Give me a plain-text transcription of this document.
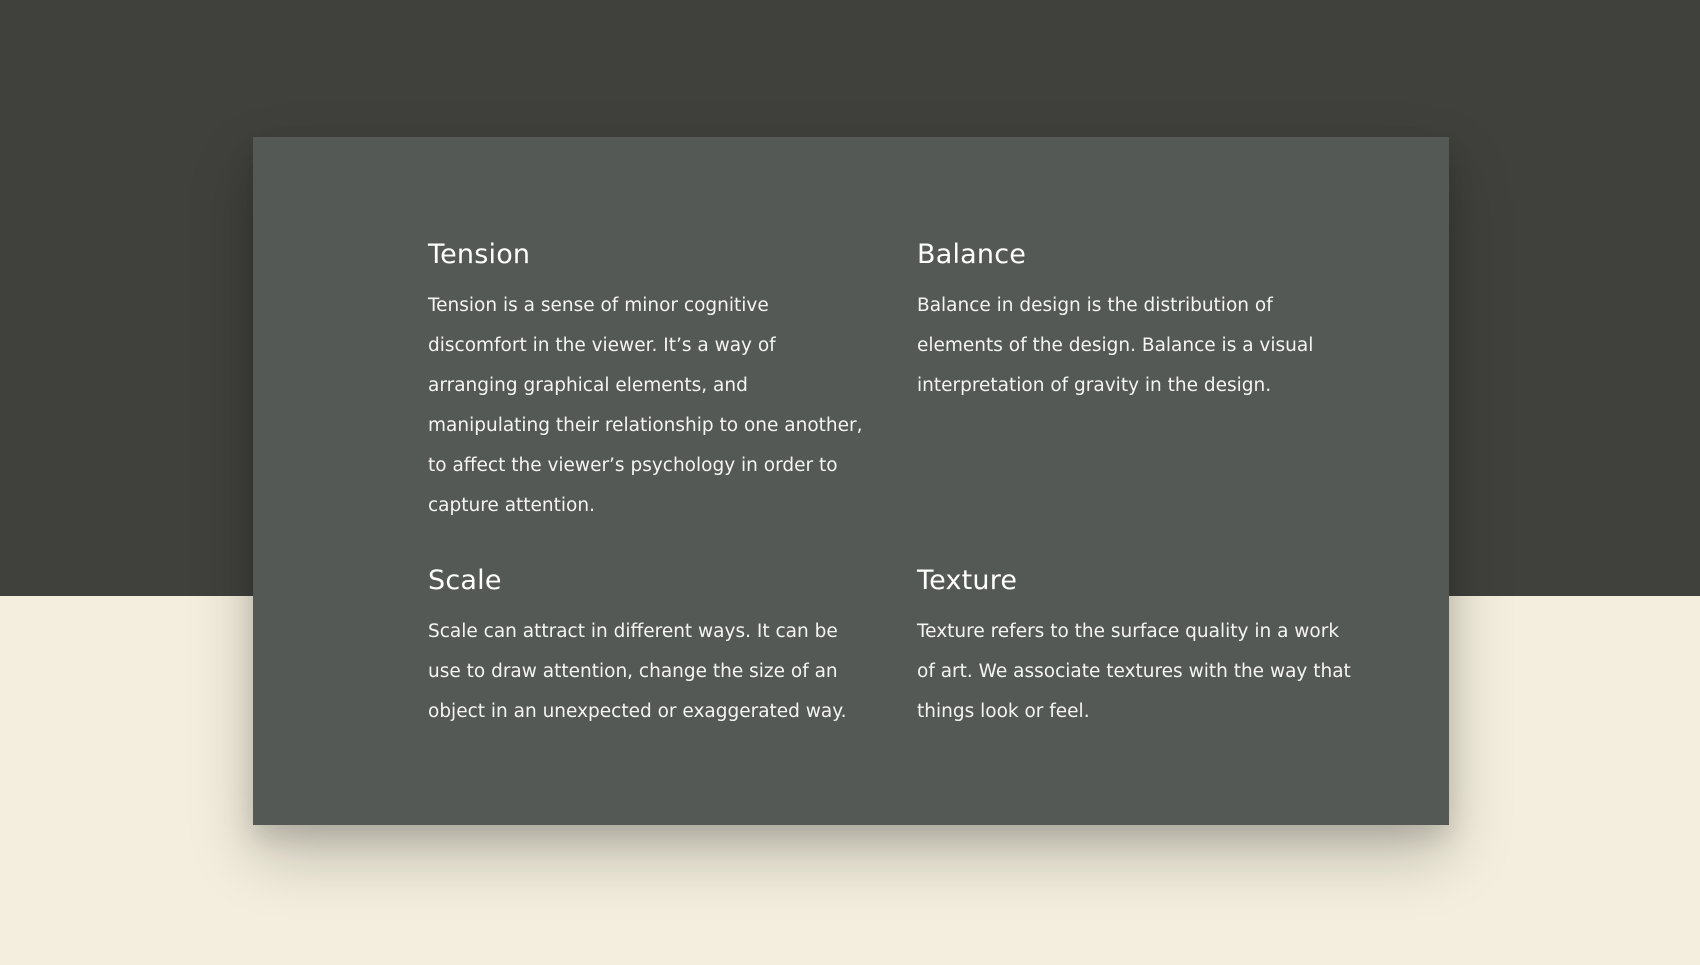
Tension

Tension is a sense of minor cognitive discomfort in the viewer. It’s a way of arranging graphical elements, and manipulating their relationship to one another, to affect the viewer’s psychology in order to capture attention.

Balance

Balance in design is the distribution of elements of the design. Balance is a visual interpretation of gravity in the design.

Scale

Scale can attract in different ways. It can be use to draw attention, change the size of an object in an unexpected or exaggerated way.

Texture

Texture refers to the surface quality in a work of art. We associate textures with the way that things look or feel.
